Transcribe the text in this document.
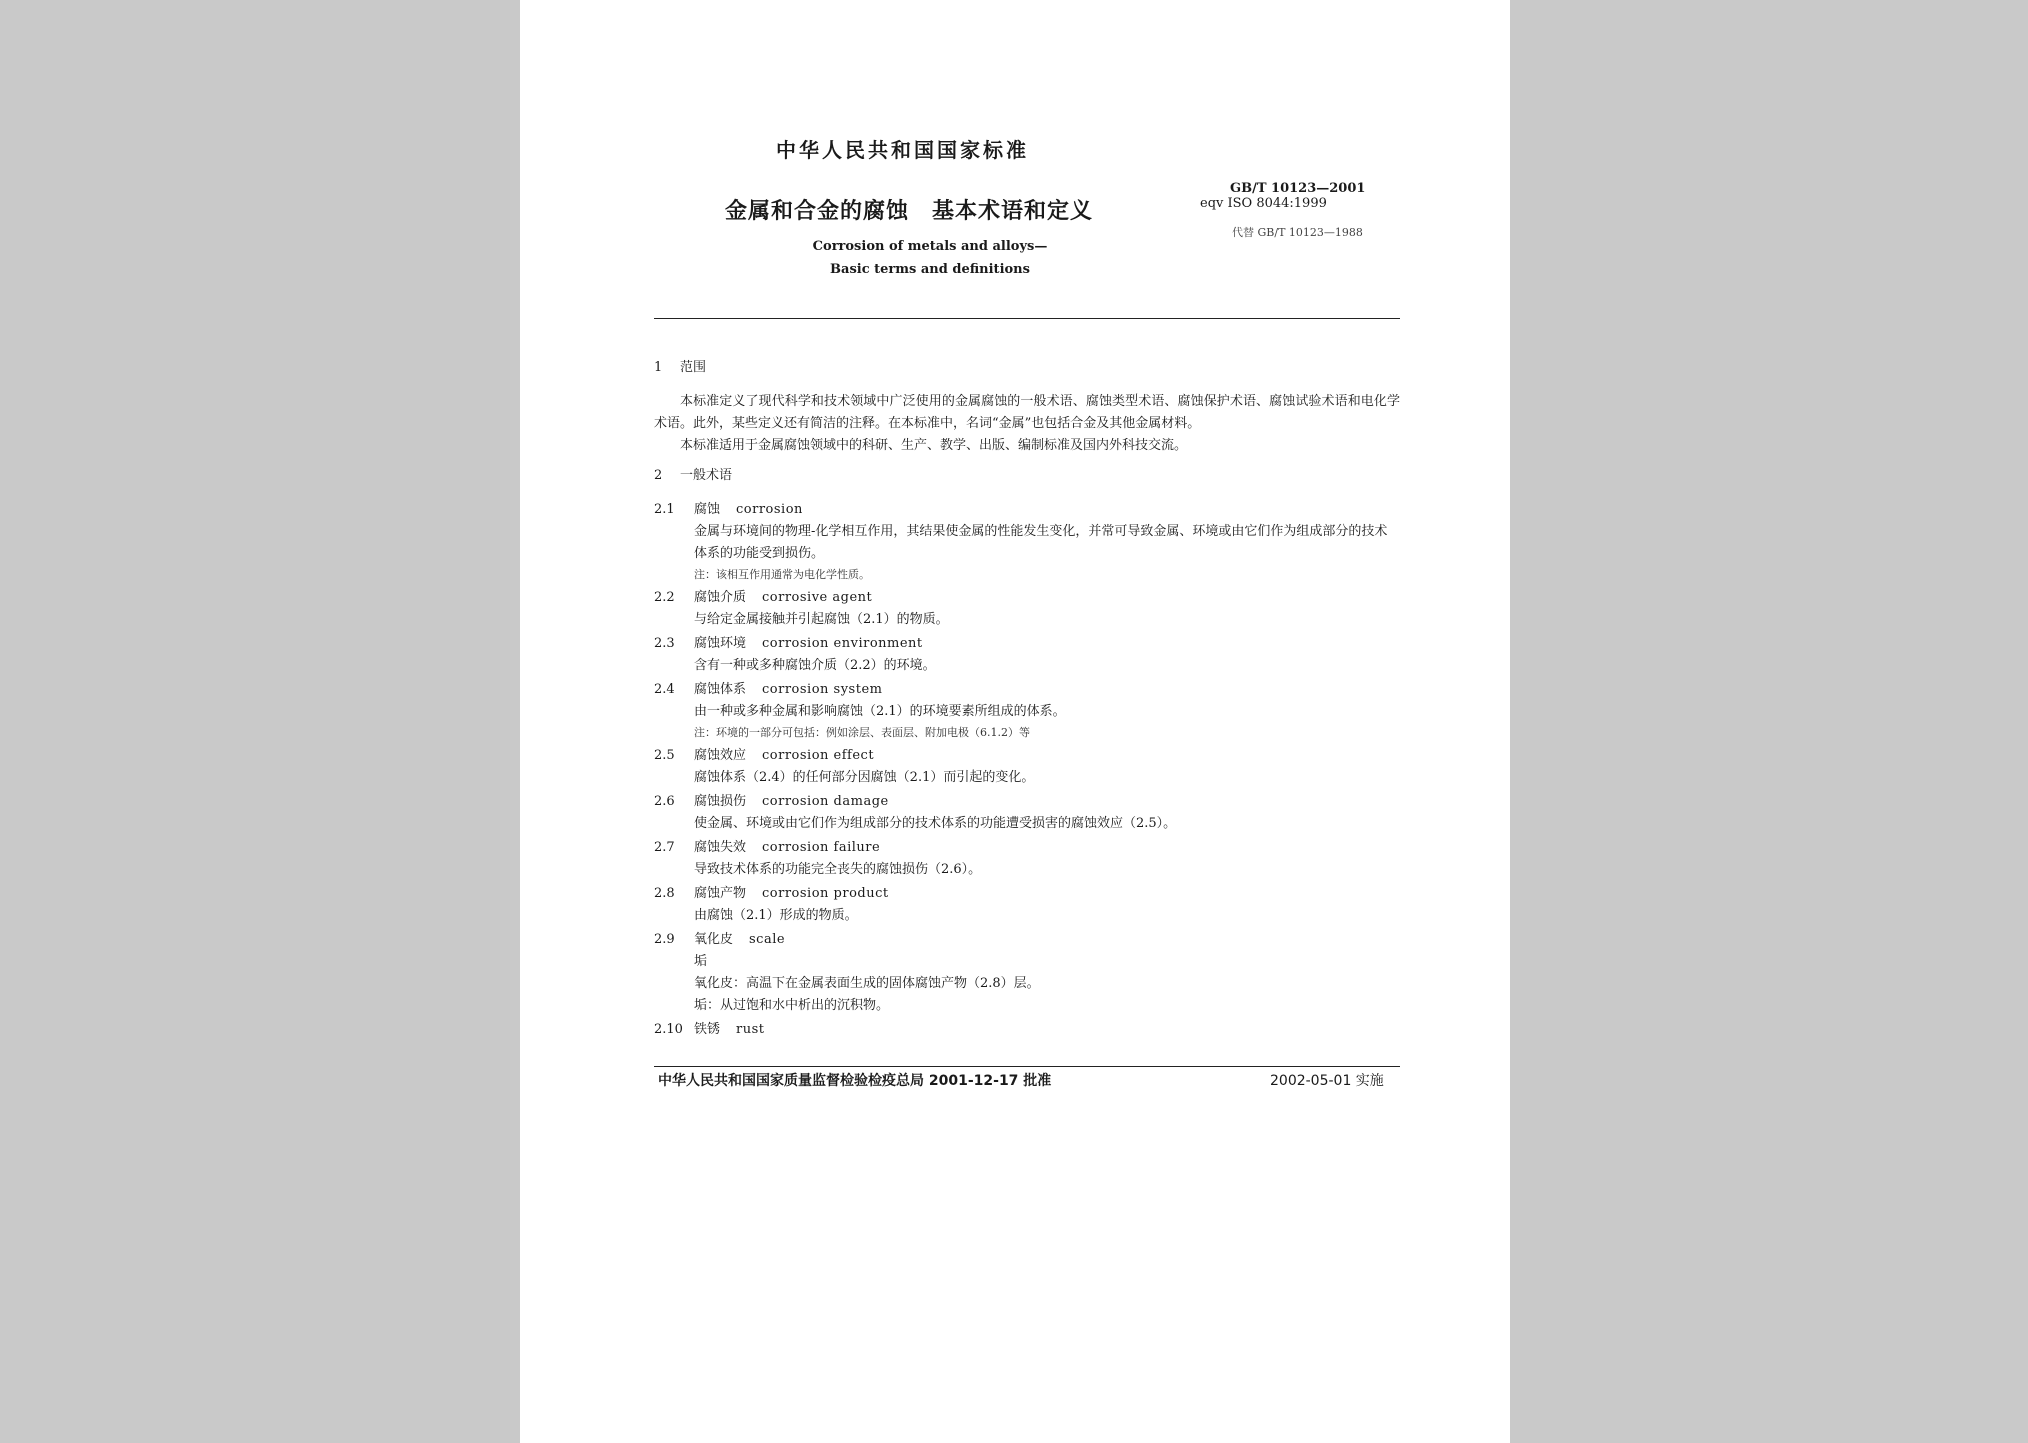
中华人民共和国国家标准
金属和合金的腐蚀　基本术语和定义
Corrosion of metals and alloys—
Basic terms and definitions
GB/T 10123—2001
eqv ISO 8044:1999
代替 GB/T 10123—1988
1 范围

本标准定义了现代科学和技术领域中广泛使用的金属腐蚀的一般术语、腐蚀类型术语、腐蚀保护术语、腐蚀试验术语和电化学术语。此外，某些定义还有简洁的注释。在本标准中，名词“金属”也包括合金及其他金属材料。

本标准适用于金属腐蚀领域中的科研、生产、教学、出版、编制标准及国内外科技交流。

2 一般术语
2.1 腐蚀 corrosion
金属与环境间的物理-化学相互作用，其结果使金属的性能发生变化，并常可导致金属、环境或由它们作为组成部分的技术体系的功能受到损伤。
注：该相互作用通常为电化学性质。
2.2 腐蚀介质 corrosive agent
与给定金属接触并引起腐蚀（2.1）的物质。
2.3 腐蚀环境 corrosion environment
含有一种或多种腐蚀介质（2.2）的环境。
2.4 腐蚀体系 corrosion system
由一种或多种金属和影响腐蚀（2.1）的环境要素所组成的体系。
注：环境的一部分可包括：例如涂层、表面层、附加电极（6.1.2）等
2.5 腐蚀效应 corrosion effect
腐蚀体系（2.4）的任何部分因腐蚀（2.1）而引起的变化。
2.6 腐蚀损伤 corrosion damage
使金属、环境或由它们作为组成部分的技术体系的功能遭受损害的腐蚀效应（2.5）。
2.7 腐蚀失效 corrosion failure
导致技术体系的功能完全丧失的腐蚀损伤（2.6）。
2.8 腐蚀产物 corrosion product
由腐蚀（2.1）形成的物质。
2.9 氧化皮 scale
垢
氧化皮：高温下在金属表面生成的固体腐蚀产物（2.8）层。
垢：从过饱和水中析出的沉积物。
2.10 铁锈 rust
中华人民共和国国家质量监督检验检疫总局 2001-12-17 批准	2002-05-01 实施
